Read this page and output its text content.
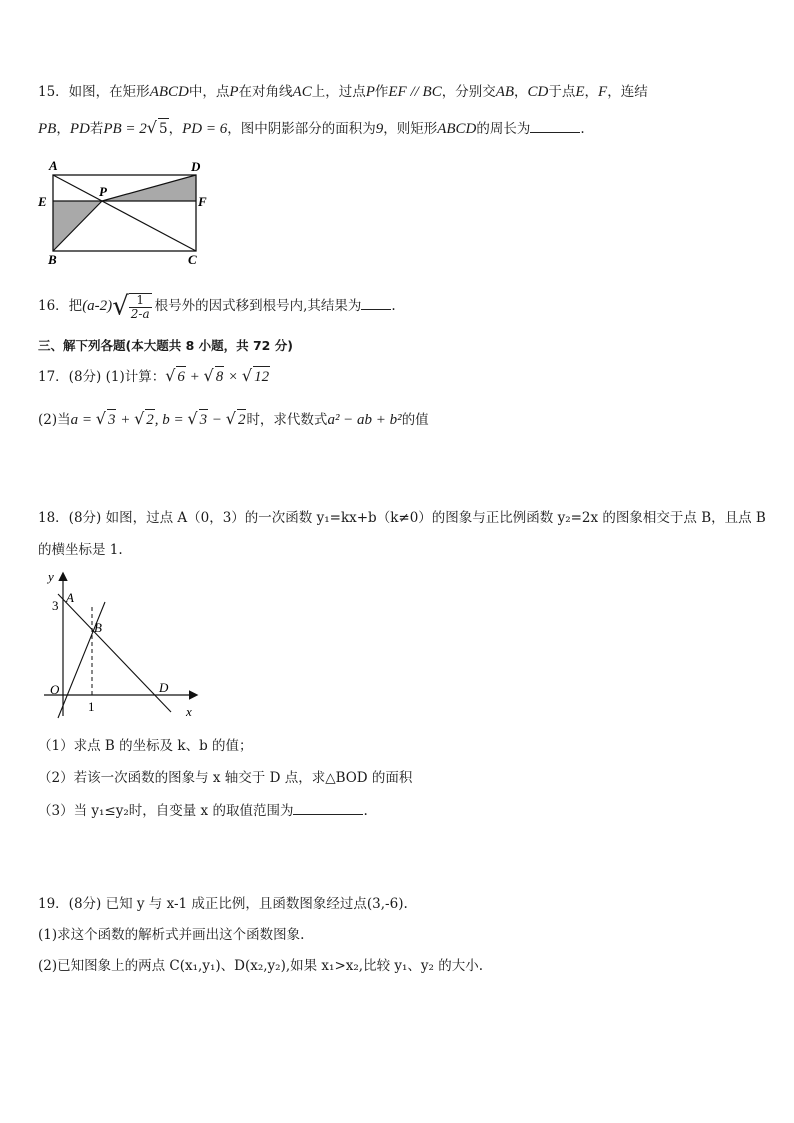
15．如图，在矩形ABCD中，点P在对角线AC上，过点P作EF // BC，分别交AB，CD于点E，F，连结
PB，PD若PB = 2√ 5，PD = 6，图中阴影部分的面积为9，则矩形ABCD的周长为	.
A	D
E
P
F
B	C
16．把$(a-2)√ \frac{1}{2-a}$ 根号外的因式移到根号内,其结果为 .
三、解下列各题(本大题共 8 小题，共 72 分)
17．(8分) (1)计算：√ 6 + √ 8 × √ 12
(2)当a = √ 3 + √ 2, b = √ 3 − √ 2时，求代数式a² − ab + b²的值
18．(8分) 如图，过点 A（0，3）的一次函数 y₁=kx+b（k≠0）的图象与正比例函数 y₂=2x 的图象相交于点 B，且点 B
的横坐标是 1.
y
A
3
B
O	D
1	x
（1）求点 B 的坐标及 k、b 的值；
（2）若该一次函数的图象与 x 轴交于 D 点，求△BOD 的面积
（3）当 y₁≤y₂时，自变量 x 的取值范围为	.
19．(8分) 已知 y 与 x-1 成正比例，且函数图象经过点(3,-6).
(1)求这个函数的解析式并画出这个函数图象.
(2)已知图象上的两点 C(x₁,y₁)、D(x₂,y₂),如果 x₁>x₂,比较 y₁、y₂ 的大小.
